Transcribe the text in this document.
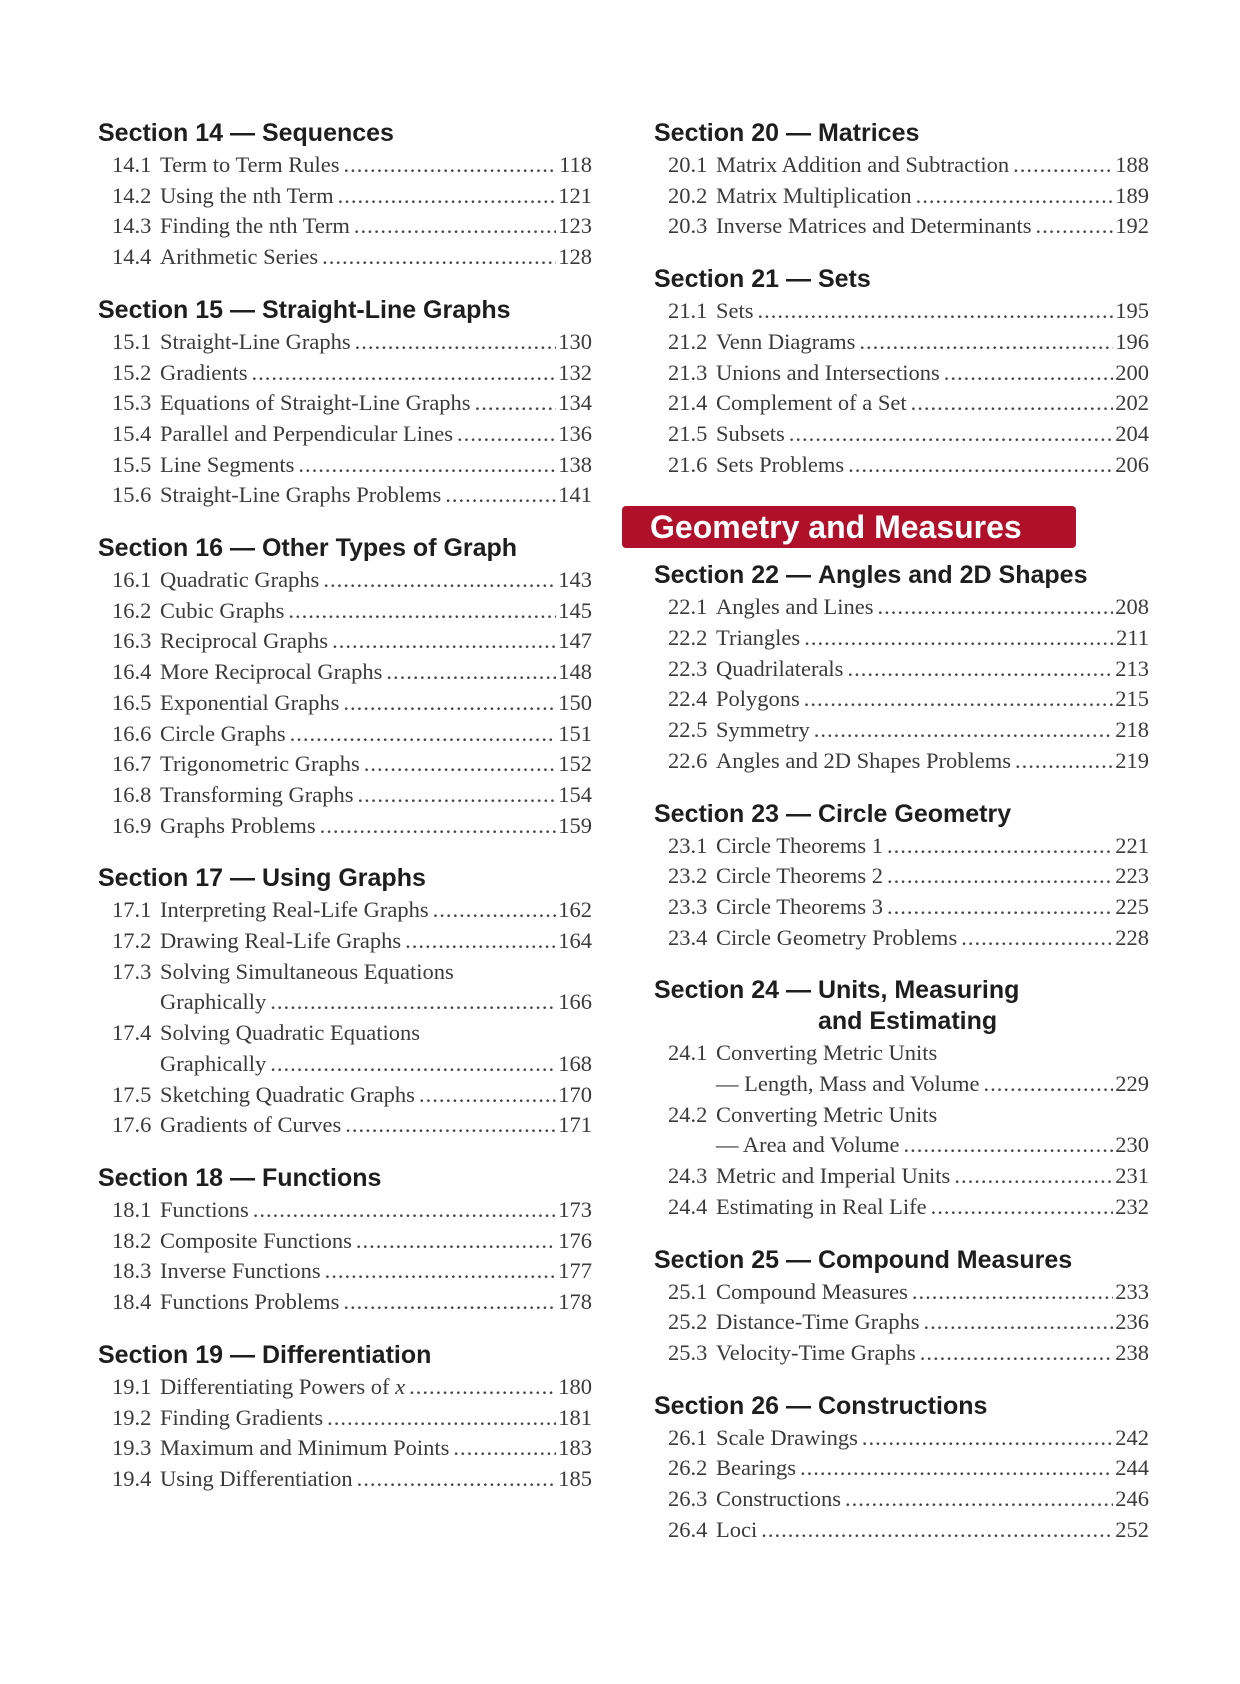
Section 14 — Sequences
14.1 Term to Term Rules .....	118
14.2 Using the nth Term .....	121
14.3 Finding the nth Term .....	123
14.4 Arithmetic Series .....	128
Section 15 — Straight-Line Graphs
15.1 Straight-Line Graphs .....	130
15.2 Gradients .....	132
15.3 Equations of Straight-Line Graphs .....	134
15.4 Parallel and Perpendicular Lines .....	136
15.5 Line Segments .....	138
15.6 Straight-Line Graphs Problems .....	141
Section 16 — Other Types of Graph
16.1 Quadratic Graphs .....	143
16.2 Cubic Graphs .....	145
16.3 Reciprocal Graphs .....	147
16.4 More Reciprocal Graphs .....	148
16.5 Exponential Graphs .....	150
16.6 Circle Graphs .....	151
16.7 Trigonometric Graphs .....	152
16.8 Transforming Graphs .....	154
16.9 Graphs Problems .....	159
Section 17 — Using Graphs
17.1 Interpreting Real-Life Graphs .....	162
17.2 Drawing Real-Life Graphs .....	164
17.3 Solving Simultaneous Equations
Graphically .....	166
17.4 Solving Quadratic Equations
Graphically .....	168
17.5 Sketching Quadratic Graphs .....	170
17.6 Gradients of Curves .....	171
Section 18 — Functions
18.1 Functions .....	173
18.2 Composite Functions .....	176
18.3 Inverse Functions .....	177
18.4 Functions Problems .....	178
Section 19 — Differentiation
19.1 Differentiating Powers of x .....	180
19.2 Finding Gradients .....	181
19.3 Maximum and Minimum Points .....	183
19.4 Using Differentiation .....	185
Section 20 — Matrices
20.1 Matrix Addition and Subtraction .....	188
20.2 Matrix Multiplication .....	189
20.3 Inverse Matrices and Determinants .....	192
Section 21 — Sets
21.1 Sets .....	195
21.2 Venn Diagrams .....	196
21.3 Unions and Intersections .....	200
21.4 Complement of a Set .....	202
21.5 Subsets .....	204
21.6 Sets Problems .....	206
Geometry and Measures
Section 22 — Angles and 2D Shapes
22.1 Angles and Lines .....	208
22.2 Triangles .....	211
22.3 Quadrilaterals .....	213
22.4 Polygons .....	215
22.5 Symmetry .....	218
22.6 Angles and 2D Shapes Problems .....	219
Section 23 — Circle Geometry
23.1 Circle Theorems 1 .....	221
23.2 Circle Theorems 2 .....	223
23.3 Circle Theorems 3 .....	225
23.4 Circle Geometry Problems .....	228
Section 24 — Units, Measuring
and Estimating
24.1 Converting Metric Units
— Length, Mass and Volume .....	229
24.2 Converting Metric Units
— Area and Volume .....	230
24.3 Metric and Imperial Units .....	231
24.4 Estimating in Real Life .....	232
Section 25 — Compound Measures
25.1 Compound Measures .....	233
25.2 Distance-Time Graphs .....	236
25.3 Velocity-Time Graphs .....	238
Section 26 — Constructions
26.1 Scale Drawings .....	242
26.2 Bearings .....	244
26.3 Constructions .....	246
26.4 Loci .....	252
